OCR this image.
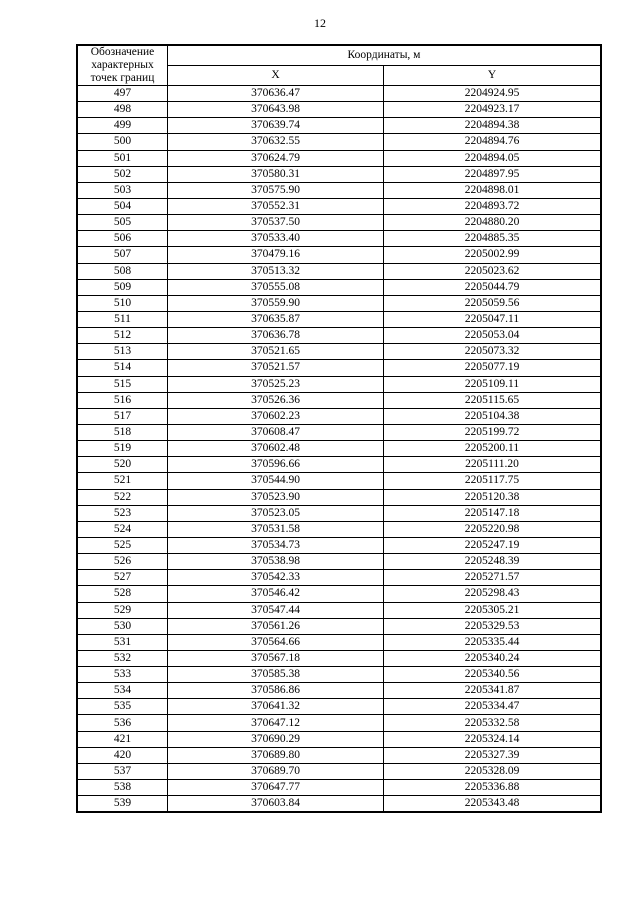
12
Обозначение характерных точек границ	Координаты, м	
	X	Y
497	370636.47	2204924.95
498	370643.98	2204923.17
499	370639.74	2204894.38
500	370632.55	2204894.76
501	370624.79	2204894.05
502	370580.31	2204897.95
503	370575.90	2204898.01
504	370552.31	2204893.72
505	370537.50	2204880.20
506	370533.40	2204885.35
507	370479.16	2205002.99
508	370513.32	2205023.62
509	370555.08	2205044.79
510	370559.90	2205059.56
511	370635.87	2205047.11
512	370636.78	2205053.04
513	370521.65	2205073.32
514	370521.57	2205077.19
515	370525.23	2205109.11
516	370526.36	2205115.65
517	370602.23	2205104.38
518	370608.47	2205199.72
519	370602.48	2205200.11
520	370596.66	2205111.20
521	370544.90	2205117.75
522	370523.90	2205120.38
523	370523.05	2205147.18
524	370531.58	2205220.98
525	370534.73	2205247.19
526	370538.98	2205248.39
527	370542.33	2205271.57
528	370546.42	2205298.43
529	370547.44	2205305.21
530	370561.26	2205329.53
531	370564.66	2205335.44
532	370567.18	2205340.24
533	370585.38	2205340.56
534	370586.86	2205341.87
535	370641.32	2205334.47
536	370647.12	2205332.58
421	370690.29	2205324.14
420	370689.80	2205327.39
537	370689.70	2205328.09
538	370647.77	2205336.88
539	370603.84	2205343.48
